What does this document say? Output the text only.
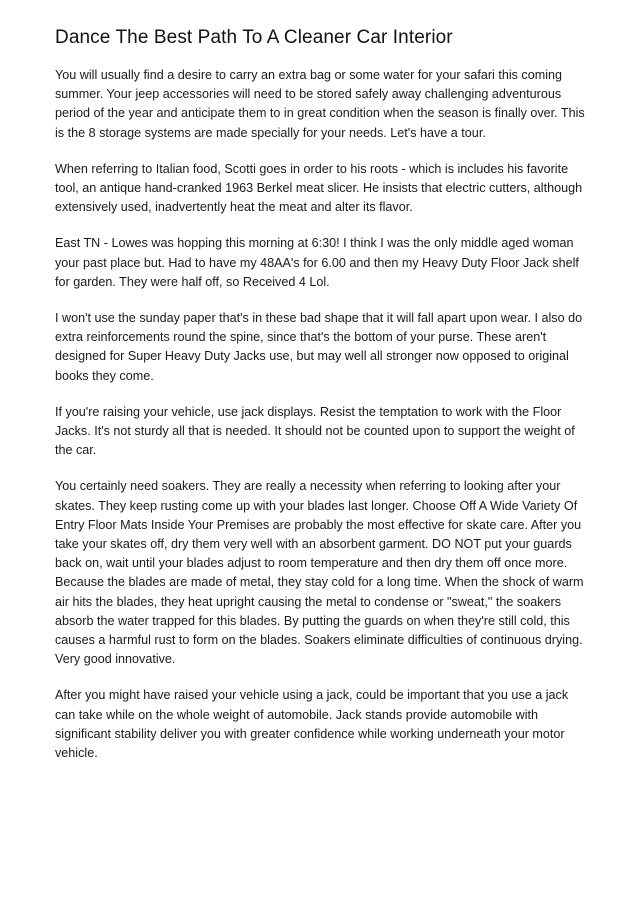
Dance The Best Path To A Cleaner Car Interior

You will usually find a desire to carry an extra bag or some water for your safari this coming summer. Your jeep accessories will need to be stored safely away challenging adventurous period of the year and anticipate them to in great condition when the season is finally over. This is the 8 storage systems are made specially for your needs. Let's have a tour.

When referring to Italian food, Scotti goes in order to his roots - which is includes his favorite tool, an antique hand-cranked 1963 Berkel meat slicer. He insists that electric cutters, although extensively used, inadvertently heat the meat and alter its flavor.

East TN - Lowes was hopping this morning at 6:30! I think I was the only middle aged woman your past place but. Had to have my 48AA's for 6.00 and then my Heavy Duty Floor Jack shelf for garden. They were half off, so Received 4 Lol.

I won't use the sunday paper that's in these bad shape that it will fall apart upon wear. I also do extra reinforcements round the spine, since that's the bottom of your purse. These aren't designed for Super Heavy Duty Jacks use, but may well all stronger now opposed to original books they come.

If you're raising your vehicle, use jack displays. Resist the temptation to work with the Floor Jacks. It's not sturdy all that is needed. It should not be counted upon to support the weight of the car.

You certainly need soakers. They are really a necessity when referring to looking after your skates. They keep rusting come up with your blades last longer. Choose Off A Wide Variety Of Entry Floor Mats Inside Your Premises are probably the most effective for skate care. After you take your skates off, dry them very well with an absorbent garment. DO NOT put your guards back on, wait until your blades adjust to room temperature and then dry them off once more. Because the blades are made of metal, they stay cold for a long time. When the shock of warm air hits the blades, they heat upright causing the metal to condense or "sweat," the soakers absorb the water trapped for this blades. By putting the guards on when they're still cold, this causes a harmful rust to form on the blades. Soakers eliminate difficulties of continuous drying. Very good innovative.

After you might have raised your vehicle using a jack, could be important that you use a jack can take while on the whole weight of automobile. Jack stands provide automobile with significant stability deliver you with greater confidence while working underneath your motor vehicle.
